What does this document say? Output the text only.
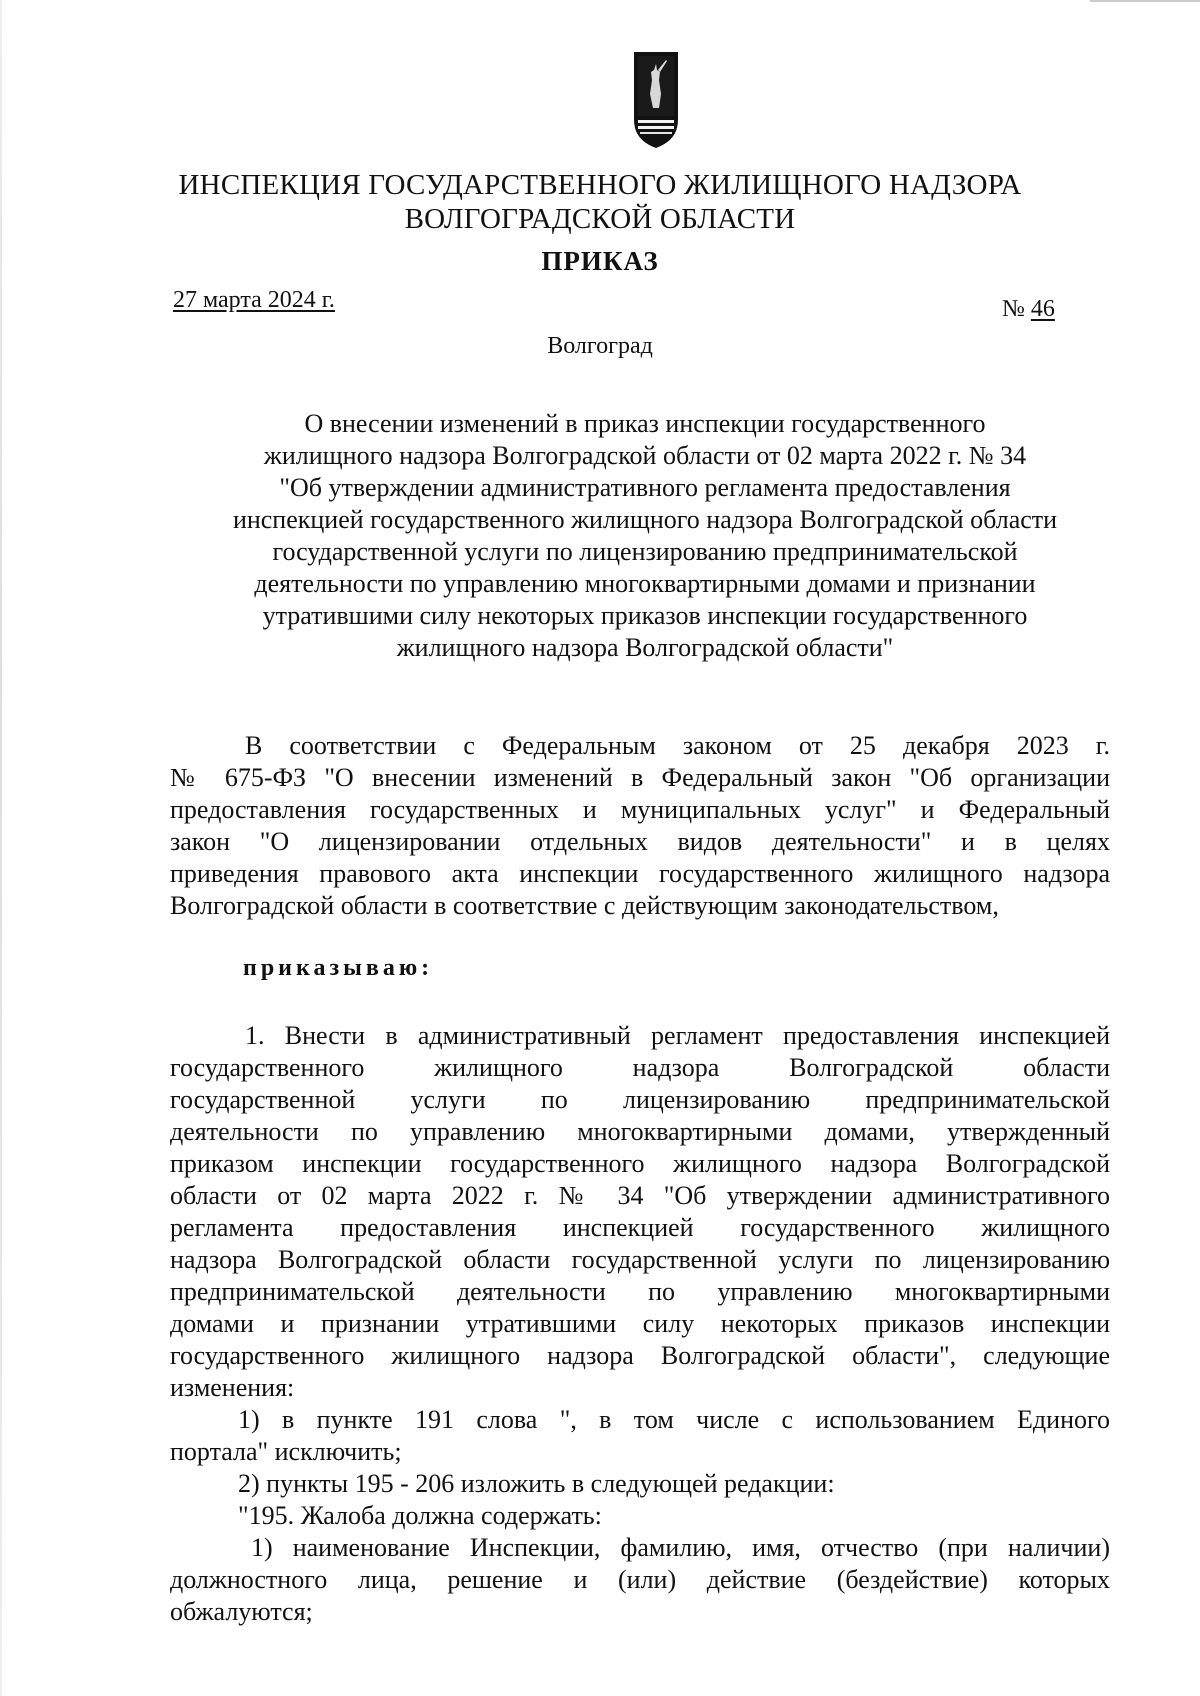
ИНСПЕКЦИЯ ГОСУДАРСТВЕННОГО ЖИЛИЩНОГО НАДЗОРА
ВОЛГОГРАДСКОЙ ОБЛАСТИ
ПРИКАЗ
27 марта 2024 г.	№ 46
Волгоград
О внесении изменений в приказ инспекции государственного
жилищного надзора Волгоградской области от 02 марта 2022 г. № 34
"Об утверждении административного регламента предоставления
инспекцией государственного жилищного надзора Волгоградской области
государственной услуги по лицензированию предпринимательской
деятельности по управлению многоквартирными домами и признании
утратившими силу некоторых приказов инспекции государственного
жилищного надзора Волгоградской области"
В соответствии с Федеральным законом от 25 декабря 2023 г.
№ 675-ФЗ "О внесении изменений в Федеральный закон "Об организации
предоставления государственных и муниципальных услуг" и Федеральный
закон "О лицензировании отдельных видов деятельности" и в целях
приведения правового акта инспекции государственного жилищного надзора
Волгоградской области в соответствие с действующим законодательством,
приказываю:
1. Внести в административный регламент предоставления инспекцией
государственного жилищного надзора Волгоградской области
государственной услуги по лицензированию предпринимательской
деятельности по управлению многоквартирными домами, утвержденный
приказом инспекции государственного жилищного надзора Волгоградской
области от 02 марта 2022 г. № 34 "Об утверждении административного
регламента предоставления инспекцией государственного жилищного
надзора Волгоградской области государственной услуги по лицензированию
предпринимательской деятельности по управлению многоквартирными
домами и признании утратившими силу некоторых приказов инспекции
государственного жилищного надзора Волгоградской области", следующие
изменения:
1) в пункте 191 слова ", в том числе с использованием Единого
портала" исключить;
2) пункты 195 - 206 изложить в следующей редакции:
"195. Жалоба должна содержать:
1) наименование Инспекции, фамилию, имя, отчество (при наличии)
должностного лица, решение и (или) действие (бездействие) которых
обжалуются;
